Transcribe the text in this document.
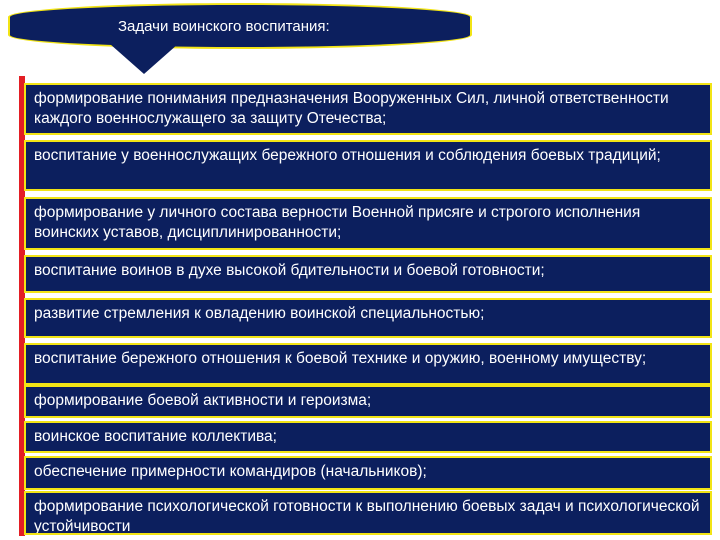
Задачи воинского воспитания:
формирование понимания предназначения Вооруженных Сил, личной ответственности каждого военнослужащего за защиту Отечества;
воспитание у военнослужащих бережного отношения и соблюдения боевых традиций;
формирование у личного состава верности Военной присяге и строгого исполнения воинских уставов, дисциплинированности;
воспитание воинов в духе высокой бдительности и боевой готовности;
развитие стремления к овладению воинской специальностью;
воспитание бережного отношения к боевой технике и оружию, военному имуществу;
формирование боевой активности и героизма;
воинское воспитание коллектива;
обеспечение примерности командиров (начальников);
формирование психологической готовности к выполнению боевых задач и психологической устойчивости
